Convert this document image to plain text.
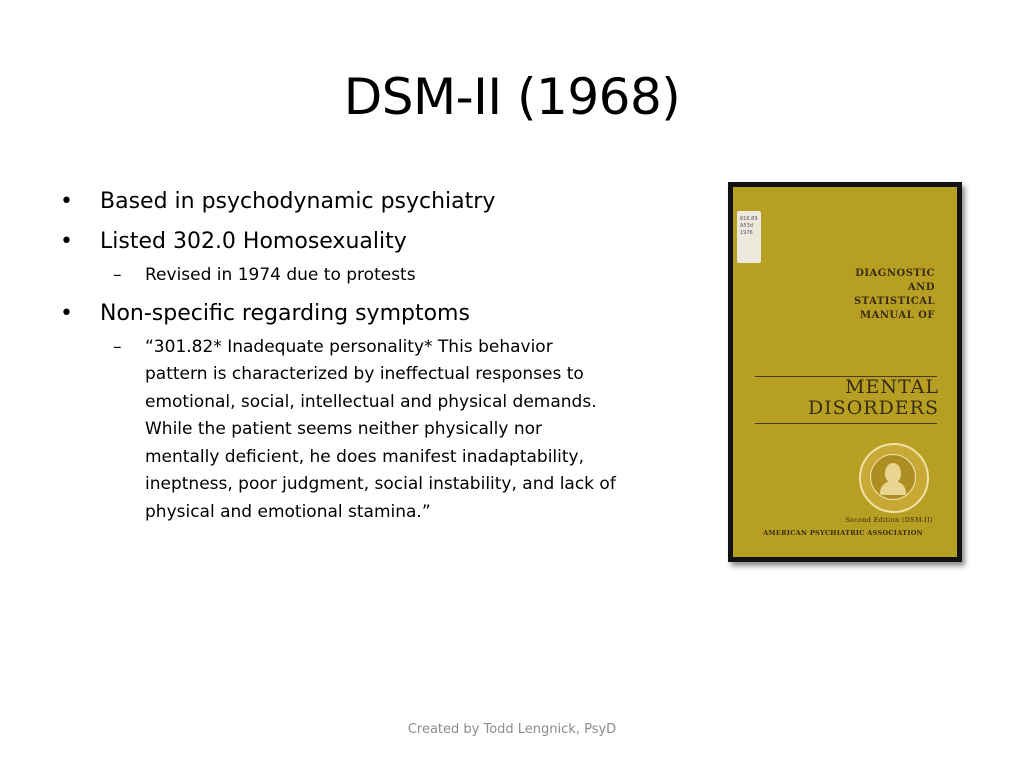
DSM-II (1968)
• Based in psychodynamic psychiatry
• Listed 302.0 Homosexuality
– Revised in 1974 due to protests
• Non-specific regarding symptoms
– “301.82* Inadequate personality* This behavior pattern is characterized by ineffectual responses to emotional, social, intellectual and physical demands. While the patient seems neither physically nor mentally deficient, he does manifest inadaptability, ineptness, poor judgment, social instability, and lack of physical and emotional stamina.”
616.89
A53d
1976
DIAGNOSTIC
AND
STATISTICAL
MANUAL OF
MENTAL
DISORDERS
Second Edition (DSM-II)
AMERICAN PSYCHIATRIC ASSOCIATION
Created by Todd Lengnick, PsyD
